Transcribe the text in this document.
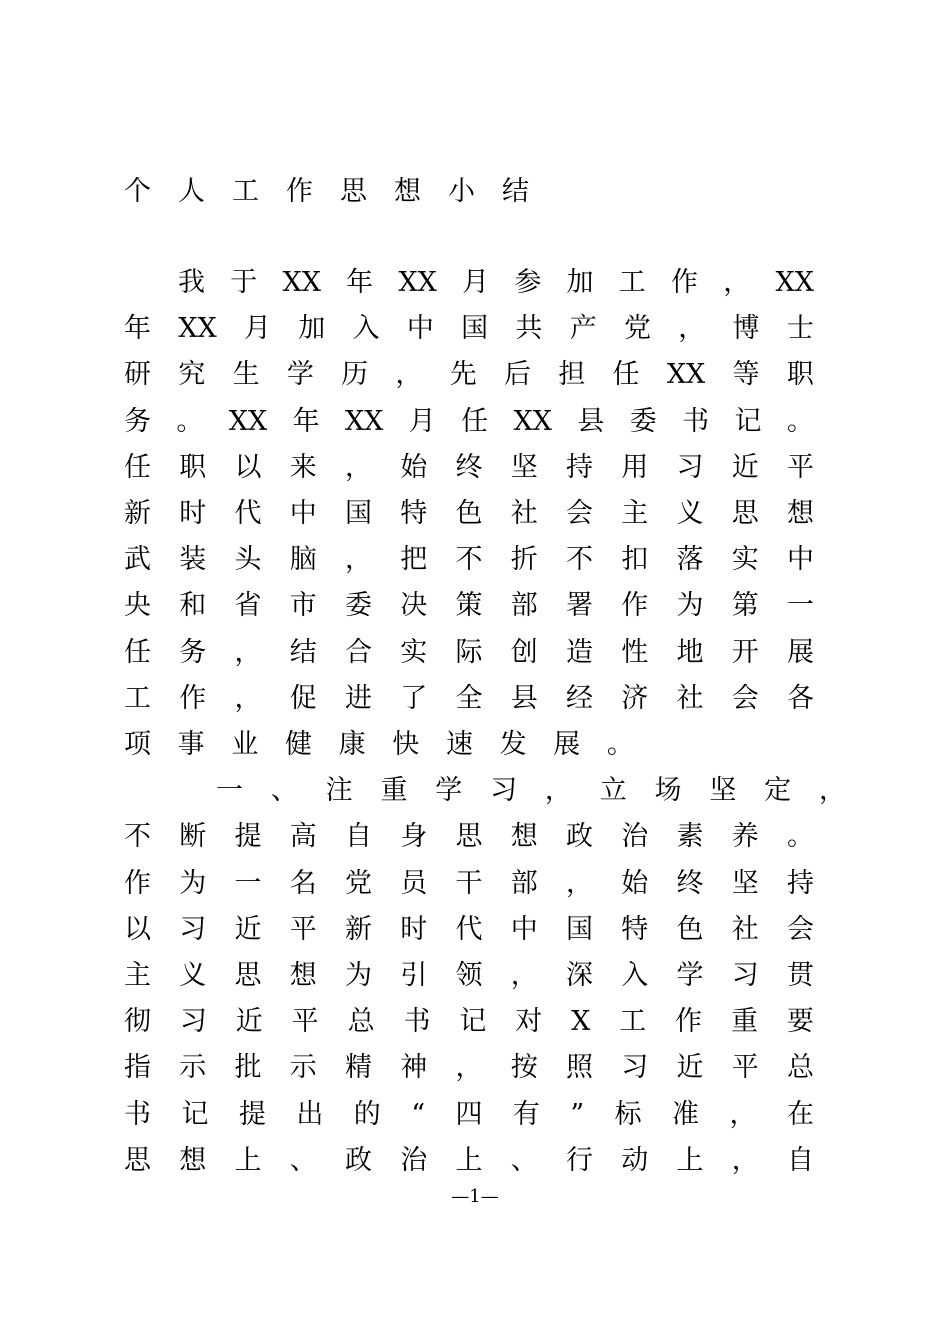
个人工作思想小结
我 于 XX 年 XX 月 参 加 工 作 ， XX
年 XX 月 加 入 中 国 共 产 党 ， 博 士
研 究 生 学 历 ， 先 后 担 任 XX 等 职
务 。 XX 年 XX 月 任 XX 县 委 书 记 。
任 职 以 来 ， 始 终 坚 持 用 习 近 平
新 时 代 中 国 特 色 社 会 主 义 思 想
武 装 头 脑 ， 把 不 折 不 扣 落 实 中
央 和 省 市 委 决 策 部 署 作 为 第 一
任 务 ， 结 合 实 际 创 造 性 地 开 展
工 作 ， 促 进 了 全 县 经 济 社 会 各
项 事 业 健 康 快 速 发 展 。
一 、 注 重 学 习 ， 立 场 坚 定 ，
不 断 提 高 自 身 思 想 政 治 素 养 。
作 为 一 名 党 员 干 部 ， 始 终 坚 持
以 习 近 平 新 时 代 中 国 特 色 社 会
主 义 思 想 为 引 领 ， 深 入 学 习 贯
彻 习 近 平 总 书 记 对 X 工 作 重 要
指 示 批 示 精 神 ， 按 照 习 近 平 总
书 记 提 出 的 “ 四 有 ” 标 准 ， 在
思 想 上 、 政 治 上 、 行 动 上 ， 自
—1—
